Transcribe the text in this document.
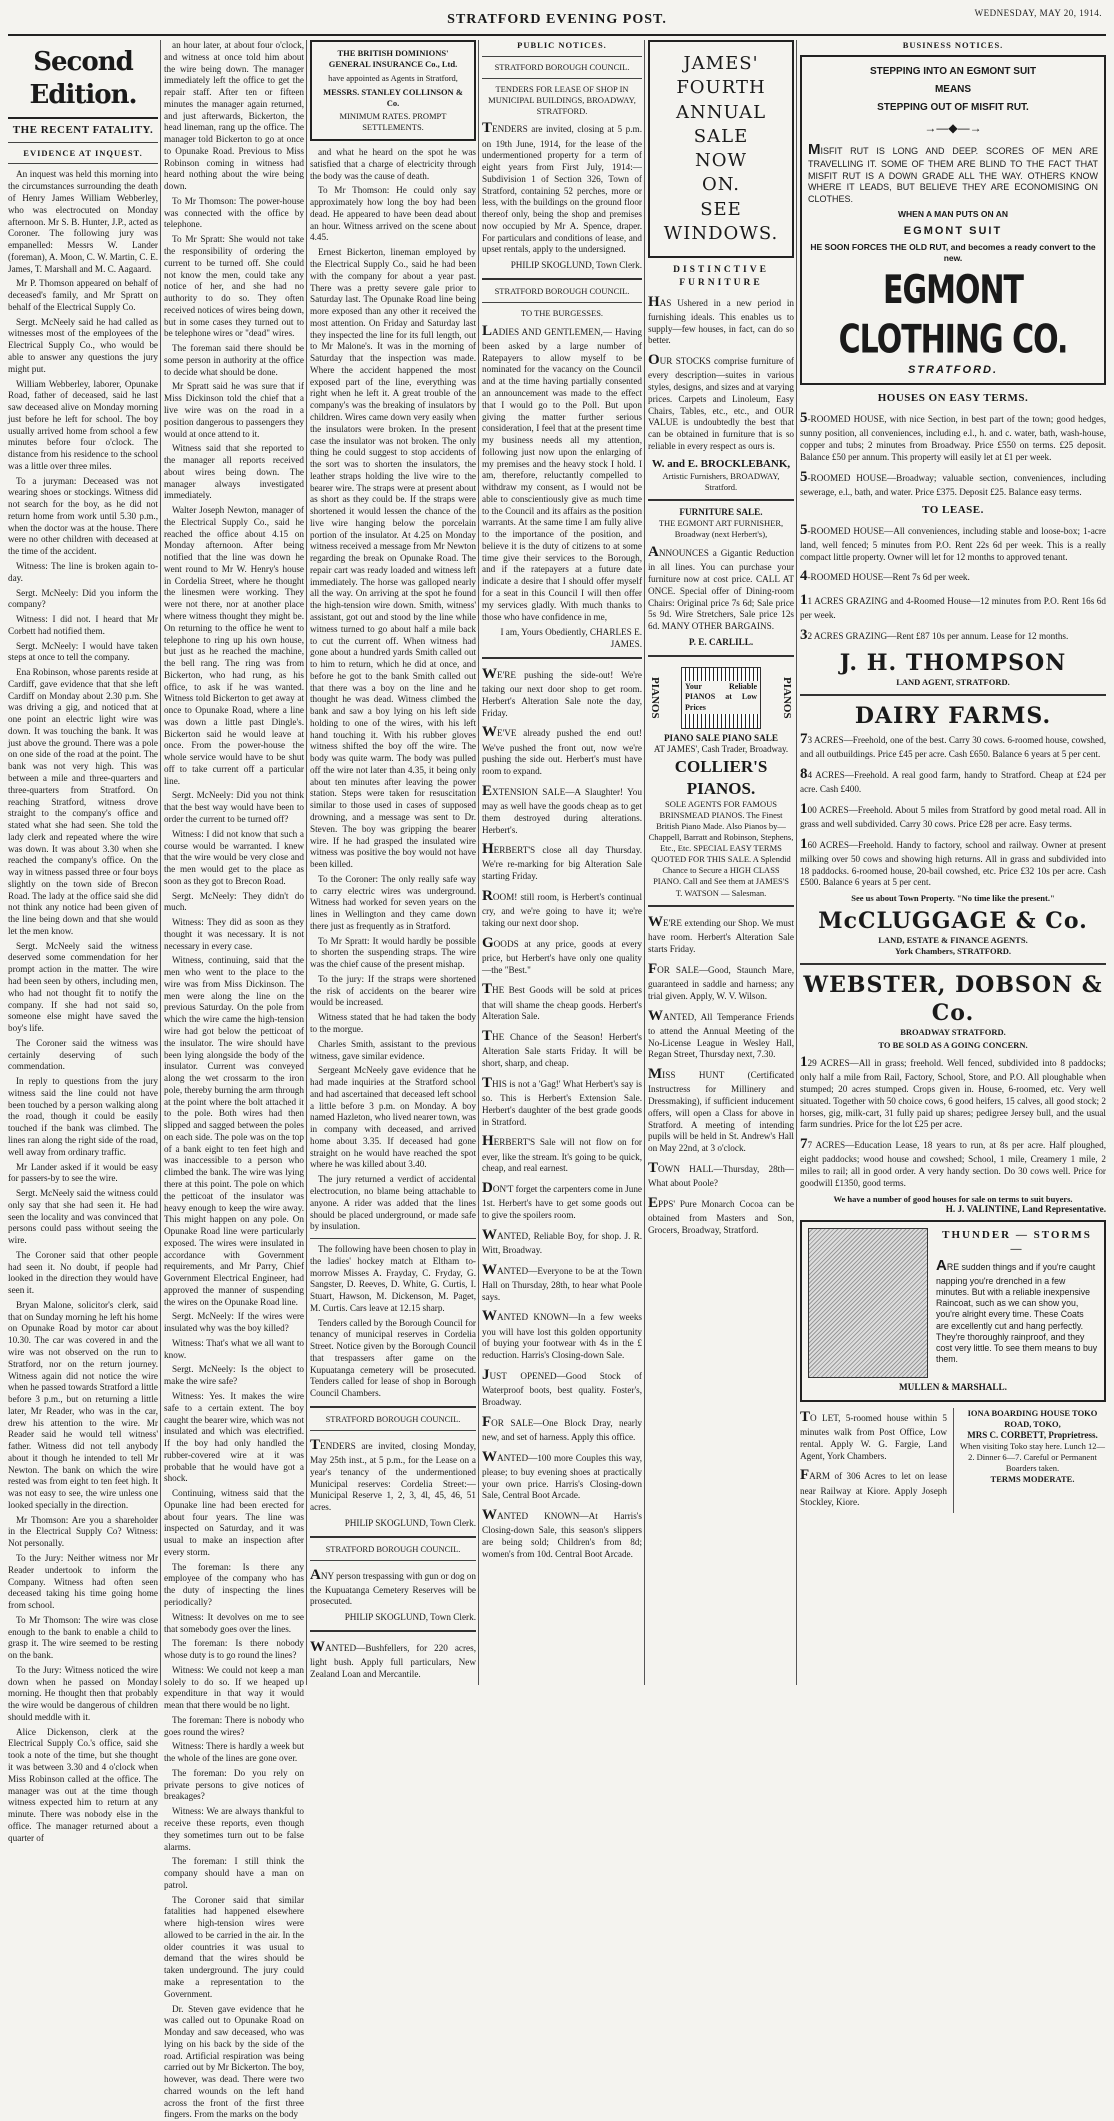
STRATFORD EVENING POST.	WEDNESDAY, MAY 20, 1914.
Second Edition.
THE RECENT FATALITY.
EVIDENCE AT INQUEST.
An inquest was held this morning into the circumstances surrounding the death of Henry James William Webberley, who was electrocuted on Monday afternoon. Mr S. B. Hunter, J.P., acted as Coroner. The following jury was empanelled: Messrs W. Lander (foreman), A. Moon, C. W. Martin, C. E. James, T. Marshall and M. C. Aagaard.
Mr P. Thomson appeared on behalf of deceased's family, and Mr Spratt on behalf of the Electrical Supply Co.
Sergt. McNeely said he had called as witnesses most of the employees of the Electrical Supply Co., who would be able to answer any questions the jury might put.
William Webberley, laborer, Opunake Road, father of deceased, said he last saw deceased alive on Monday morning just before he left for school. The boy usually arrived home from school a few minutes before four o'clock. The distance from his residence to the school was a little over three miles.
To a juryman: Deceased was not wearing shoes or stockings. Witness did not search for the boy, as he did not return home from work until 5.30 p.m., when the doctor was at the house. There were no other children with deceased at the time of the accident.
Witness: The line is broken again to-day.
Sergt. McNeely: Did you inform the company?
Witness: I did not. I heard that Mr Corbett had notified them.
Sergt. McNeely: I would have taken steps at once to tell the company.
Ena Robinson, whose parents reside at Cardiff, gave evidence that that she left Cardiff on Monday about 2.30 p.m. She was driving a gig, and noticed that at one point an electric light wire was down. It was touching the bank. It was just above the ground. There was a pole on one side of the road at the point. The bank was not very high. This was between a mile and three-quarters and three-quarters from Stratford. On reaching Stratford, witness drove straight to the company's office and stated what she had seen. She told the lady clerk and repeated where the wire was down. It was about 3.30 when she reached the company's office. On the way in witness passed three or four boys slightly on the town side of Brecon Road. The lady at the office said she did not think any notice had been given of the line being down and that she would let the men know.
Sergt. McNeely said the witness deserved some commendation for her prompt action in the matter. The wire had been seen by others, including men, who had not thought fit to notify the company. If she had not said so, someone else might have saved the boy's life.
The Coroner said the witness was certainly deserving of such commendation.
In reply to questions from the jury witness said the line could not have been touched by a person walking along the road, though it could be easily touched if the bank was climbed. The lines ran along the right side of the road, well away from ordinary traffic.
Mr Lander asked if it would be easy for passers-by to see the wire.
Sergt. McNeely said the witness could only say that she had seen it. He had seen the locality and was convinced that persons could pass without seeing the wire.
The Coroner said that other people had seen it. No doubt, if people had looked in the direction they would have seen it.
Bryan Malone, solicitor's clerk, said that on Sunday morning he left his home on Opunake Road by motor car about 10.30. The car was covered in and the wire was not observed on the run to Stratford, nor on the return journey. Witness again did not notice the wire when he passed towards Stratford a little before 3 p.m., but on returning a little later, Mr Reader, who was in the car, drew his attention to the wire. Mr Reader said he would tell witness' father. Witness did not tell anybody about it though he intended to tell Mr Newton. The bank on which the wire rested was from eight to ten feet high. It was not easy to see, the wire unless one looked specially in the direction.
Mr Thomson: Are you a shareholder in the Electrical Supply Co? Witness: Not personally.
To the Jury: Neither witness nor Mr Reader undertook to inform the Company. Witness had often seen deceased taking his time going home from school.
To Mr Thomson: The wire was close enough to the bank to enable a child to grasp it. The wire seemed to be resting on the bank.
To the Jury: Witness noticed the wire down when he passed on Monday morning. He thought then that probably the wire would be dangerous of children should meddle with it.
Alice Dickenson, clerk at the Electrical Supply Co.'s office, said she took a note of the time, but she thought it was between 3.30 and 4 o'clock when Miss Robinson called at the office. The manager was out at the time though witness expected him to return at any minute. There was nobody else in the office. The manager returned about a quarter of
an hour later, at about four o'clock, and witness at once told him about the wire being down. The manager immediately left the office to get the repair staff. After ten or fifteen minutes the manager again returned, and just afterwards, Bickerton, the head lineman, rang up the office. The manager told Bickerton to go at once to Opunake Road. Previous to Miss Robinson coming in witness had heard nothing about the wire being down.
To Mr Thomson: The power-house was connected with the office by telephone.
To Mr Spratt: She would not take the responsibility of ordering the current to be turned off. She could not know the men, could take any notice of her, and she had no authority to do so. They often received notices of wires being down, but in some cases they turned out to be telephone wires or "dead" wires.
The foreman said there should be some person in authority at the office to decide what should be done.
Mr Spratt said he was sure that if Miss Dickinson told the chief that a live wire was on the road in a position dangerous to passengers they would at once attend to it.
Witness said that she reported to the manager all reports received about wires being down. The manager always investigated immediately.
Walter Joseph Newton, manager of the Electrical Supply Co., said he reached the office about 4.15 on Monday afternoon. After being notified that the line was down he went round to Mr W. Henry's house in Cordelia Street, where he thought the linesmen were working. They were not there, nor at another place where witness thought they might be. On returning to the office he went to telephone to ring up his own house, but just as he reached the machine, the bell rang. The ring was from Bickerton, who had rung, as his office, to ask if he was wanted. Witness told Bickerton to get away at once to Opunake Road, where a line was down a little past Dingle's. Bickerton said he would leave at once. From the power-house the whole service would have to be shut off to take current off a particular line.
Sergt. McNeely: Did you not think that the best way would have been to order the current to be turned off?
Witness: I did not know that such a course would be warranted. I knew that the wire would be very close and the men would get to the place as soon as they got to Brecon Road.
Sergt. McNeely: They didn't do much.
Witness: They did as soon as they thought it was necessary. It is not necessary in every case.
Witness, continuing, said that the men who went to the place to the wire was from Miss Dickinson. The men were along the line on the previous Saturday. On the pole from which the wire came the high-tension wire had got below the petticoat of the insulator. The wire should have been lying alongside the body of the insulator. Current was conveyed along the wet crossarm to the iron pole, thereby burning the arm through at the point where the bolt attached it to the pole. Both wires had then slipped and sagged between the poles on each side. The pole was on the top of a bank eight to ten feet high and was inaccessible to a person who climbed the bank. The wire was lying there at this point. The pole on which the petticoat of the insulator was heavy enough to keep the wire away. This might happen on any pole. On Opunake Road line were particularly exposed. The wires were insulated in accordance with Government requirements, and Mr Parry, Chief Government Electrical Engineer, had approved the manner of suspending the wires on the Opunake Road line.
Sergt. McNeely: If the wires were insulated why was the boy killed?
Witness: That's what we all want to know.
Sergt. McNeely: Is the object to make the wire safe?
Witness: Yes. It makes the wire safe to a certain extent. The boy caught the bearer wire, which was not insulated and which was electrified. If the boy had only handled the rubber-covered wire at it was probable that he would have got a shock.
Continuing, witness said that the Opunake line had been erected for about four years. The line was inspected on Saturday, and it was usual to make an inspection after every storm.
The foreman: Is there any employee of the company who has the duty of inspecting the lines periodically?
Witness: It devolves on me to see that somebody goes over the lines.
The foreman: Is there nobody whose duty is to go round the lines?
Witness: We could not keep a man solely to do so. If we heaped up expenditure in that way it would mean that there would be no light.
The foreman: There is nobody who goes round the wires?
Witness: There is hardly a week but the whole of the lines are gone over.
The foreman: Do you rely on private persons to give notices of breakages?
Witness: We are always thankful to receive these reports, even though they sometimes turn out to be false alarms.
The foreman: I still think the company should have a man on patrol.
The Coroner said that similar fatalities had happened elsewhere where high-tension wires were allowed to be carried in the air. In the older countries it was usual to demand that the wires should be taken underground. The jury could make a representation to the Government.
Dr. Steven gave evidence that he was called out to Opunake Road on Monday and saw deceased, who was lying on his back by the side of the road. Artificial respiration was being carried out by Mr Bickerton. The boy, however, was dead. There were two charred wounds on the left hand across the front of the first three fingers. From the marks on the body
THE BRITISH DOMINIONS' GENERAL INSURANCE Co., Ltd.
have appointed as Agents in Stratford,
MESSRS. STANLEY COLLINSON & Co.
MINIMUM RATES. PROMPT SETTLEMENTS.
and what he heard on the spot he was satisfied that a charge of electricity through the body was the cause of death.
To Mr Thomson: He could only say approximately how long the boy had been dead. He appeared to have been dead about an hour. Witness arrived on the scene about 4.45.
Ernest Bickerton, lineman employed by the Electrical Supply Co., said he had been with the company for about a year past. There was a pretty severe gale prior to Saturday last. The Opunake Road line being more exposed than any other it received the most attention. On Friday and Saturday last they inspected the line for its full length, out to Mr Malone's. It was in the morning of Saturday that the inspection was made. Where the accident happened the most exposed part of the line, everything was right when he left it. A great trouble of the company's was the breaking of insulators by children. Wires came down very easily when the insulators were broken. In the present case the insulator was not broken. The only thing he could suggest to stop accidents of the sort was to shorten the insulators, the leather straps holding the live wire to the bearer wire. The straps were at present about as short as they could be. If the straps were shortened it would lessen the chance of the live wire hanging below the porcelain portion of the insulator. At 4.25 on Monday witness received a message from Mr Newton regarding the break on Opunake Road. The repair cart was ready loaded and witness left immediately. The horse was galloped nearly all the way. On arriving at the spot he found the high-tension wire down. Smith, witness' assistant, got out and stood by the line while witness turned to go about half a mile back to cut the current off. When witness had gone about a hundred yards Smith called out to him to return, which he did at once, and before he got to the bank Smith called out that there was a boy on the line and he thought he was dead. Witness climbed the bank and saw a boy lying on his left side holding to one of the wires, with his left hand touching it. With his rubber gloves witness shifted the boy off the wire. The body was quite warm. The body was pulled off the wire not later than 4.35, it being only about ten minutes after leaving the power station. Steps were taken for resuscitation similar to those used in cases of supposed drowning, and a message was sent to Dr. Steven. The boy was gripping the bearer wire. If he had grasped the insulated wire witness was positive the boy would not have been killed.
To the Coroner: The only really safe way to carry electric wires was underground. Witness had worked for seven years on the lines in Wellington and they came down there just as frequently as in Stratford.
To Mr Spratt: It would hardly be possible to shorten the suspending straps. The wire was the chief cause of the present mishap.
To the jury: If the straps were shortened the risk of accidents on the bearer wire would be increased.
Witness stated that he had taken the body to the morgue.
Charles Smith, assistant to the previous witness, gave similar evidence.
Sergeant McNeely gave evidence that he had made inquiries at the Stratford school and had ascertained that deceased left school a little before 3 p.m. on Monday. A boy named Hazleton, who lived nearer town, was in company with deceased, and arrived home about 3.35. If deceased had gone straight on he would have reached the spot where he was killed about 3.40.
The jury returned a verdict of accidental electrocution, no blame being attachable to anyone. A rider was added that the lines should be placed underground, or made safe by insulation.
The following have been chosen to play in the ladies' hockey match at Eltham to-morrow Misses A. Frayday, C. Fryday, G. Sangster, D. Reeves, D. White, G. Curtis, I. Stuart, Hawson, M. Dickenson, M. Paget, M. Curtis. Cars leave at 12.15 sharp.
Tenders called by the Borough Council for tenancy of municipal reserves in Cordelia Street. Notice given by the Borough Council that trespassers after game on the Kupuatanga cemetery will be prosecuted. Tenders called for lease of shop in Borough Council Chambers.
STRATFORD BOROUGH COUNCIL.
TENDERS are invited, closing Monday, May 25th inst., at 5 p.m., for the Lease on a year's tenancy of the undermentioned Municipal reserves: Cordelia Street:— Municipal Reserve 1, 2, 3, 4l, 45, 46, 51 acres.
PHILIP SKOGLUND, Town Clerk.
STRATFORD BOROUGH COUNCIL.
ANY person trespassing with gun or dog on the Kupuatanga Cemetery Reserves will be prosecuted.
PHILIP SKOGLUND, Town Clerk.
WANTED—Bushfellers, for 220 acres, light bush. Apply full particulars, New Zealand Loan and Mercantile.
PUBLIC NOTICES.
STRATFORD BOROUGH COUNCIL.
TENDERS FOR LEASE OF SHOP IN MUNICIPAL BUILDINGS, BROADWAY, STRATFORD.
TENDERS are invited, closing at 5 p.m. on 19th June, 1914, for the lease of the undermentioned property for a term of eight years from First July, 1914:— Subdivision 1 of Section 326, Town of Stratford, containing 52 perches, more or less, with the buildings on the ground floor thereof only, being the shop and premises now occupied by Mr A. Spence, draper. For particulars and conditions of lease, and upset rentals, apply to the undersigned.
PHILIP SKOGLUND, Town Clerk.
STRATFORD BOROUGH COUNCIL.
TO THE BURGESSES.
LADIES AND GENTLEMEN,— Having been asked by a large number of Ratepayers to allow myself to be nominated for the vacancy on the Council and at the time having partially consented an announcement was made to the effect that I would go to the Poll. But upon giving the matter further serious consideration, I feel that at the present time my business needs all my attention, following just now upon the enlarging of my premises and the heavy stock I hold. I am, therefore, reluctantly compelled to withdraw my consent, as I would not be able to conscientiously give as much time to the Council and its affairs as the position warrants. At the same time I am fully alive to the importance of the position, and believe it is the duty of citizens to at some time give their services to the Borough, and if the ratepayers at a future date indicate a desire that I should offer myself for a seat in this Council I will then offer my services gladly. With much thanks to those who have confidence in me,
I am, Yours Obediently, CHARLES E. JAMES.
WE'RE pushing the side-out! We're taking our next door shop to get room. Herbert's Alteration Sale note the day, Friday.
WE'VE already pushed the end out! We've pushed the front out, now we're pushing the side out. Herbert's must have room to expand.
EXTENSION SALE—A Slaughter! You may as well have the goods cheap as to get them destroyed during alterations. Herbert's.
HERBERT'S close all day Thursday. We're re-marking for big Alteration Sale starting Friday.
ROOM! still room, is Herbert's continual cry, and we're going to have it; we're taking our next door shop.
GOODS at any price, goods at every price, but Herbert's have only one quality—the "Best."
THE Best Goods will be sold at prices that will shame the cheap goods. Herbert's Alteration Sale.
THE Chance of the Season! Herbert's Alteration Sale starts Friday. It will be short, sharp, and cheap.
THIS is not a 'Gag!' What Herbert's say is so. This is Herbert's Extension Sale. Herbert's daughter of the best grade goods in Stratford.
HERBERT'S Sale will not flow on for ever, like the stream. It's going to be quick, cheap, and real earnest.
DON'T forget the carpenters come in June 1st. Herbert's have to get some goods out to give the spoilers room.
WANTED, Reliable Boy, for shop. J. R. Witt, Broadway.
WANTED—Everyone to be at the Town Hall on Thursday, 28th, to hear what Poole says.
WANTED KNOWN—In a few weeks you will have lost this golden opportunity of buying your footwear with 4s in the £ reduction. Harris's Closing-down Sale.
JUST OPENED—Good Stock of Waterproof boots, best quality. Foster's, Broadway.
FOR SALE—One Block Dray, nearly new, and set of harness. Apply this office.
WANTED—100 more Couples this way, please; to buy evening shoes at practically your own price. Harris's Closing-down Sale, Central Boot Arcade.
WANTED KNOWN—At Harris's Closing-down Sale, this season's slippers are being sold; Children's from 8d; women's from 10d. Central Boot Arcade.
JAMES'
FOURTH
ANNUAL
SALE
NOW
ON.
SEE
WINDOWS.
DISTINCTIVE FURNITURE
HAS Ushered in a new period in furnishing ideals. This enables us to supply—few houses, in fact, can do so better.
OUR STOCKS comprise furniture of every description—suites in various styles, designs, and sizes and at varying prices. Carpets and Linoleum, Easy Chairs, Tables, etc., etc., and OUR VALUE is undoubtedly the best that can be obtained in furniture that is so reliable in every respect as ours is.
W. and E. BROCKLEBANK,
Artistic Furnishers, BROADWAY, Stratford.
FURNITURE SALE.
THE EGMONT ART FURNISHER, Broadway (next Herbert's),
ANNOUNCES a Gigantic Reduction in all lines. You can purchase your furniture now at cost price. CALL AT ONCE. Special offer of Dining-room Chairs: Original price 7s 6d; Sale price 5s 9d. Wire Stretchers, Sale price 12s 6d. MANY OTHER BARGAINS.
P. E. CARLILL.
PIANOS	Your Reliable PIANOS at Low Prices	PIANOS
PIANO SALE PIANO SALE
AT JAMES', Cash Trader, Broadway.
COLLIER'S PIANOS.
SOLE AGENTS FOR FAMOUS BRINSMEAD PIANOS. The Finest British Piano Made. Also Pianos by— Chappell, Barratt and Robinson, Stephens, Etc., Etc. SPECIAL EASY TERMS QUOTED FOR THIS SALE. A Splendid Chance to Secure a HIGH CLASS PIANO. Call and See them at JAMES'S
T. WATSON — Salesman.
WE'RE extending our Shop. We must have room. Herbert's Alteration Sale starts Friday.
FOR SALE—Good, Staunch Mare, guaranteed in saddle and harness; any trial given. Apply, W. V. Wilson.
WANTED, All Temperance Friends to attend the Annual Meeting of the No-License League in Wesley Hall, Regan Street, Thursday next, 7.30.
MISS HUNT (Certificated Instructress for Millinery and Dressmaking), if sufficient inducement offers, will open a Class for above in Stratford. A meeting of intending pupils will be held in St. Andrew's Hall on May 22nd, at 3 o'clock.
TOWN HALL—Thursday, 28th—What about Poole?
EPPS' Pure Monarch Cocoa can be obtained from Masters and Son, Grocers, Broadway, Stratford.
BUSINESS NOTICES.
STEPPING INTO AN EGMONT SUIT
MEANS
STEPPING OUT OF MISFIT RUT.
→—◆—→
MISFIT RUT IS LONG AND DEEP. SCORES OF MEN ARE TRAVELLING IT. SOME OF THEM ARE BLIND TO THE FACT THAT MISFIT RUT IS A DOWN GRADE ALL THE WAY. OTHERS KNOW WHERE IT LEADS, BUT BELIEVE THEY ARE ECONOMISING ON CLOTHES.
WHEN A MAN PUTS ON AN
EGMONT SUIT
HE SOON FORCES THE OLD RUT, and becomes a ready convert to the new.
EGMONT CLOTHING CO.
STRATFORD.
HOUSES ON EASY TERMS.
5-ROOMED HOUSE, with nice Section, in best part of the town; good hedges, sunny position, all conveniences, including e.l., h. and c. water, bath, wash-house, copper and tubs; 2 minutes from Broadway. Price £550 on terms. £25 deposit. Balance £50 per annum. This property will easily let at £1 per week.
5-ROOMED HOUSE—Broadway; valuable section, conveniences, including sewerage, e.l., bath, and water. Price £375. Deposit £25. Balance easy terms.
TO LEASE.
5-ROOMED HOUSE—All conveniences, including stable and loose-box; 1-acre land, well fenced; 5 minutes from P.O. Rent 22s 6d per week. This is a really compact little property. Owner will let for 12 months to approved tenant.
4-ROOMED HOUSE—Rent 7s 6d per week.
11 ACRES GRAZING and 4-Roomed House—12 minutes from P.O. Rent 16s 6d per week.
32 ACRES GRAZING—Rent £87 10s per annum. Lease for 12 months.
J. H. THOMPSON
LAND AGENT, STRATFORD.
DAIRY FARMS.
73 ACRES—Freehold, one of the best. Carry 30 cows. 6-roomed house, cowshed, and all outbuildings. Price £45 per acre. Cash £650. Balance 6 years at 5 per cent.
84 ACRES—Freehold. A real good farm, handy to Stratford. Cheap at £24 per acre. Cash £400.
100 ACRES—Freehold. About 5 miles from Stratford by good metal road. All in grass and well subdivided. Carry 30 cows. Price £28 per acre. Easy terms.
160 ACRES—Freehold. Handy to factory, school and railway. Owner at present milking over 50 cows and showing high returns. All in grass and subdivided into 18 paddocks. 6-roomed house, 20-bail cowshed, etc. Price £32 10s per acre. Cash £500. Balance 6 years at 5 per cent.
See us about Town Property. "No time like the present."
McCLUGGAGE & Co.
LAND, ESTATE & FINANCE AGENTS.
York Chambers, STRATFORD.
WEBSTER, DOBSON & Co.
BROADWAY STRATFORD.
TO BE SOLD AS A GOING CONCERN.
129 ACRES—All in grass; freehold. Well fenced, subdivided into 8 paddocks; only half a mile from Rail, Factory, School, Store, and P.O. All ploughable when stumped; 20 acres stumped. Crops given in. House, 6-roomed, etc. Very well situated. Together with 50 choice cows, 6 good heifers, 15 calves, all good stock; 2 horses, gig, milk-cart, 31 fully paid up shares; pedigree Jersey bull, and the usual farm sundries. Price for the lot £25 per acre.
77 ACRES—Education Lease, 18 years to run, at 8s per acre. Half ploughed, eight paddocks; wood house and cowshed; School, 1 mile, Creamery 1 mile, 2 miles to rail; all in good order. A very handy section. Do 30 cows well. Price for goodwill £1350, good terms.
We have a number of good houses for sale on terms to suit buyers.
H. J. VALINTINE, Land Representative.
THUNDER — STORMS —
ARE sudden things and if you're caught napping you're drenched in a few minutes. But with a reliable inexpensive Raincoat, such as we can show you, you're alright every time. These Coats are excellently cut and hang perfectly. They're thoroughly rainproof, and they cost very little. To see them means to buy them.
MULLEN & MARSHALL.
TO LET, 5-roomed house within 5 minutes walk from Post Office, Low rental. Apply W. G. Fargie, Land Agent, York Chambers.
FARM of 306 Acres to let on lease near Railway at Kiore. Apply Joseph Stockley, Kiore.
IONA BOARDING HOUSE TOKO ROAD, TOKO,
MRS C. CORBETT, Proprietress.
When visiting Toko stay here. Lunch 12—2. Dinner 6—7. Careful or Permanent Boarders taken.
TERMS MODERATE.
